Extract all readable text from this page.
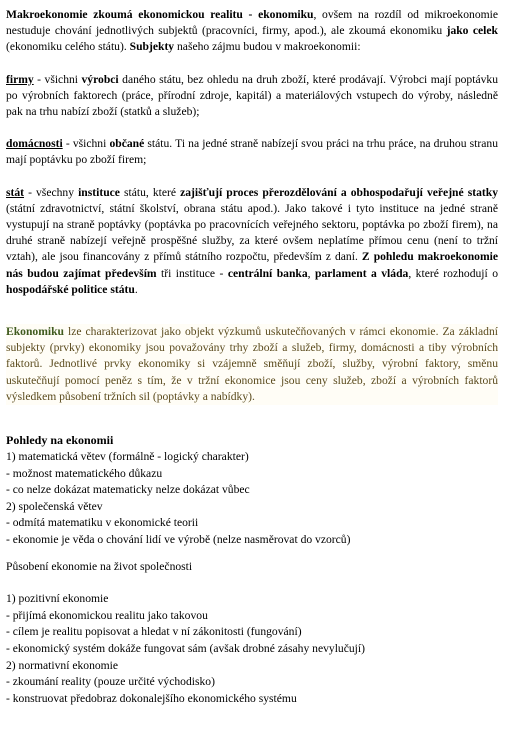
Makroekonomie zkoumá ekonomickou realitu - ekonomiku, ovšem na rozdíl od mikroekonomie nestuduje chování jednotlivých subjektů (pracovníci, firmy, apod.), ale zkoumá ekonomiku jako celek (ekonomiku celého státu). Subjekty našeho zájmu budou v makroekonomii:

firmy - všichni výrobci daného státu, bez ohledu na druh zboží, které prodávají. Výrobci mají poptávku po výrobních faktorech (práce, přírodní zdroje, kapitál) a materiálových vstupech do výroby, následně pak na trhu nabízí zboží (statků a služeb);

domácnosti - všichni občané státu. Ti na jedné straně nabízejí svou práci na trhu práce, na druhou stranu mají poptávku po zboží firem;

stát - všechny instituce státu, které zajišťují proces přerozdělování a obhospodařují veřejné statky (státní zdravotnictví, státní školství, obrana státu apod.). Jako takové i tyto instituce na jedné straně vystupují na straně poptávky (poptávka po pracovnících veřejného sektoru, poptávka po zboží firem), na druhé straně nabízejí veřejně prospěšné služby, za které ovšem neplatíme přímou cenu (není to tržní vztah), ale jsou financovány z přímů státního rozpočtu, především z daní. Z pohledu makroekonomie nás budou zajímat především tři instituce - centrální banka, parlament a vláda, které rozhodují o hospodářské politice státu.

Ekonomiku lze charakterizovat jako objekt výzkumů uskutečňovaných v rámci ekonomie. Za základní subjekty (prvky) ekonomiky jsou považovány trhy zboží a služeb, firmy, domácnosti a tiby výrobních faktorů. Jednotlivé prvky ekonomiky si vzájemně směňují zboží, služby, výrobní faktory, směnu uskutečňují pomocí peněz s tím, že v tržní ekonomice jsou ceny služeb, zboží a výrobních faktorů výsledkem působení tržních sil (poptávky a nabídky).

Pohledy na ekonomii
1) matematická větev (formálně - logický charakter)
- možnost matematického důkazu
- co nelze dokázat matematicky nelze dokázat vůbec
2) společenská větev
- odmítá matematiku v ekonomické teorii
- ekonomie je věda o chování lidí ve výrobě (nelze nasměrovat do vzorců)
Působení ekonomie na život společnosti
1) pozitivní ekonomie
- přijímá ekonomickou realitu jako takovou
- cílem je realitu popisovat a hledat v ní zákonitosti (fungování)
- ekonomický systém dokáže fungovat sám (avšak drobné zásahy nevylučují)
2) normativní ekonomie
- zkoumání reality (pouze určité východisko)
- konstruovat předobraz dokonalejšího ekonomického systému
